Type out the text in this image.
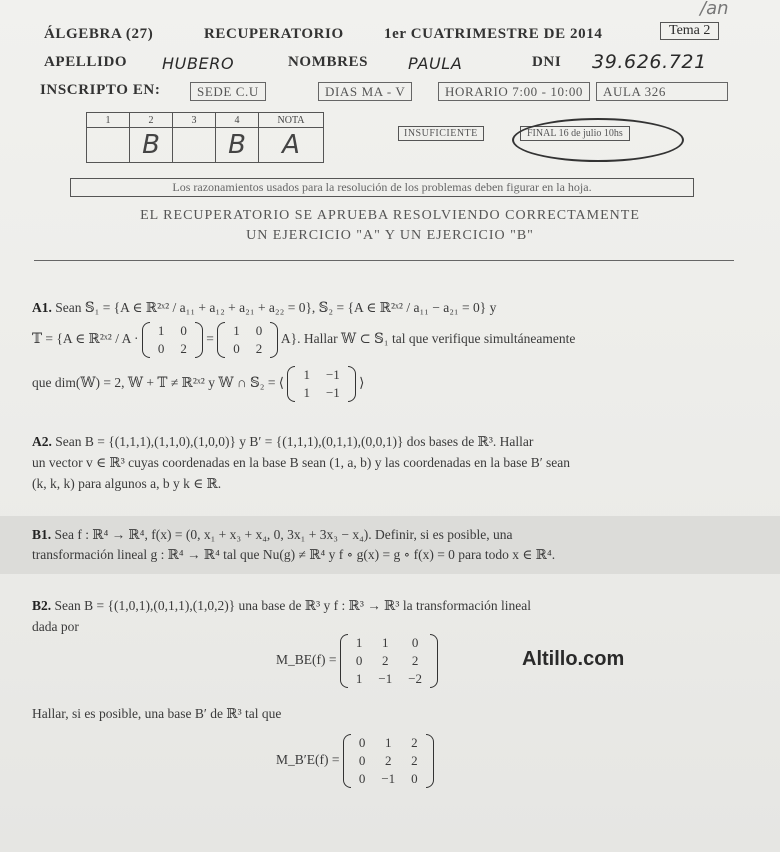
/an
ÁLGEBRA (27)	RECUPERATORIO	1er CUATRIMESTRE DE 2014	Tema 2
APELLIDO HUBERO	NOMBRES PAULA	DNI 39.626.721
INSCRIPTO EN:	SEDE C.U	DIAS MA - V	HORARIO 7:00 - 10:00	AULA 326
1	2	3	4	NOTA
	B		B	A	INSUFICIENTE	FINAL 16 de julio 10hs
Los razonamientos usados para la resolución de los problemas deben figurar en la hoja.
EL RECUPERATORIO SE APRUEBA RESOLVIENDO CORRECTAMENTE
UN EJERCICIO "A" Y UN EJERCICIO "B"
A1. Sean 𝕊₁ = {A ∈ ℝ²ˣ² / a₁₁ + a₁₂ + a₂₁ + a₂₂ = 0}, 𝕊₂ = {A ∈ ℝ²ˣ² / a₁₁ − a₂₁ = 0} y
𝕋 = {A ∈ ℝ²ˣ² / A ·
1	0
0	2
=
1	0
0	2
A}. Hallar 𝕎 ⊂ 𝕊₁ tal que verifique simultáneamente
que dim(𝕎) = 2, 𝕎 + 𝕋 ≠ ℝ²ˣ² y 𝕎 ∩ 𝕊₂ = ⟨
1	−1
1	−1
⟩
A2. Sean B = {(1,1,1),(1,1,0),(1,0,0)} y B′ = {(1,1,1),(0,1,1),(0,0,1)} dos bases de ℝ³. Hallar
un vector v ∈ ℝ³ cuyas coordenadas en la base B sean (1, a, b) y las coordenadas en la base B′ sean
(k, k, k) para algunos a, b y k ∈ ℝ.
B1. Sea f : ℝ⁴ → ℝ⁴, f(x) = (0, x₁ + x₃ + x₄, 0, 3x₁ + 3x₃ − x₄). Definir, si es posible, una
transformación lineal g : ℝ⁴ → ℝ⁴ tal que Nu(g) ≠ ℝ⁴ y f ∘ g(x) = g ∘ f(x) = 0 para todo x ∈ ℝ⁴.
B2. Sean B = {(1,0,1),(0,1,1),(1,0,2)} una base de ℝ³ y f : ℝ³ → ℝ³ la transformación lineal
dada por
M_BE(f) =
1	1	0
0	2	2
1	−1	−2
Hallar, si es posible, una base B′ de ℝ³ tal que
M_B′E(f) =
0	1	2
0	2	2
0	−1	0
Altillo.com
